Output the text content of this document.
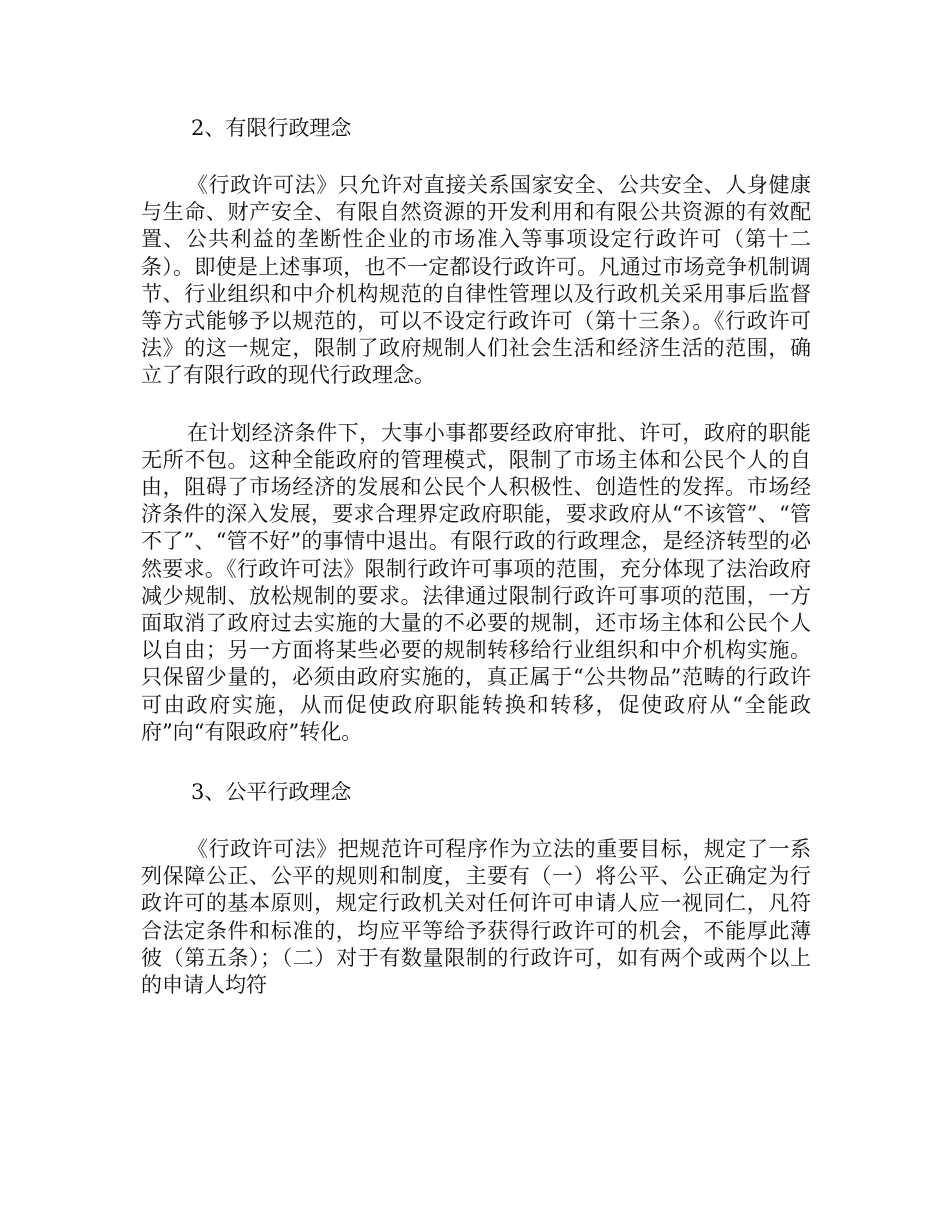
2、有限行政理念

《行政许可法》只允许对直接关系国家安全、公共安全、人身健康与生命、财产安全、有限自然资源的开发利用和有限公共资源的有效配置、公共利益的垄断性企业的市场准入等事项设定行政许可（第十二条）。即使是上述事项，也不一定都设行政许可。凡通过市场竞争机制调节、行业组织和中介机构规范的自律性管理以及行政机关采用事后监督等方式能够予以规范的，可以不设定行政许可（第十三条）。《行政许可法》的这一规定，限制了政府规制人们社会生活和经济生活的范围，确立了有限行政的现代行政理念。

在计划经济条件下，大事小事都要经政府审批、许可，政府的职能无所不包。这种全能政府的管理模式，限制了市场主体和公民个人的自由，阻碍了市场经济的发展和公民个人积极性、创造性的发挥。市场经济条件的深入发展，要求合理界定政府职能，要求政府从“不该管”、“管不了”、“管不好”的事情中退出。有限行政的行政理念，是经济转型的必然要求。《行政许可法》限制行政许可事项的范围，充分体现了法治政府减少规制、放松规制的要求。法律通过限制行政许可事项的范围，一方面取消了政府过去实施的大量的不必要的规制，还市场主体和公民个人以自由；另一方面将某些必要的规制转移给行业组织和中介机构实施。只保留少量的，必须由政府实施的，真正属于“公共物品”范畴的行政许可由政府实施，从而促使政府职能转换和转移，促使政府从“全能政府”向“有限政府”转化。

3、公平行政理念

《行政许可法》把规范许可程序作为立法的重要目标，规定了一系列保障公正、公平的规则和制度，主要有（一）将公平、公正确定为行政许可的基本原则，规定行政机关对任何许可申请人应一视同仁，凡符合法定条件和标准的，均应平等给予获得行政许可的机会，不能厚此薄彼（第五条）；（二）对于有数量限制的行政许可，如有两个或两个以上的申请人均符
